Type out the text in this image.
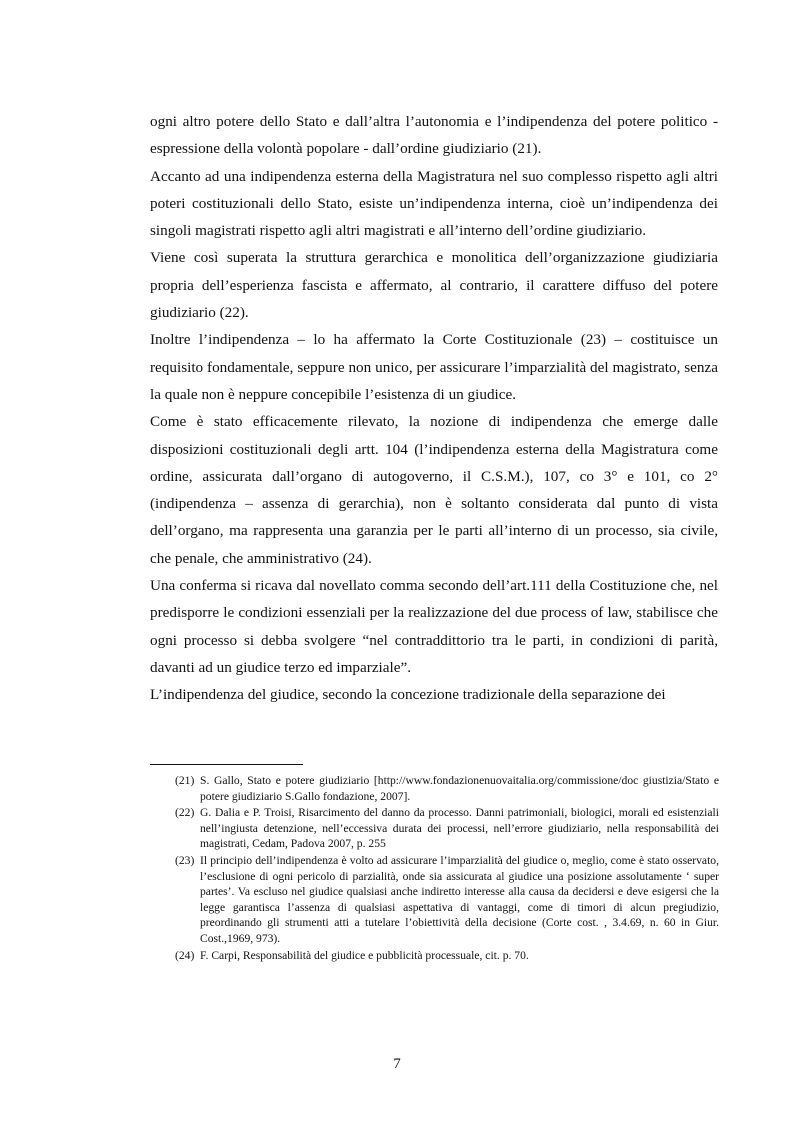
ogni altro potere dello Stato e dall’altra l’autonomia e l’indipendenza del potere politico - espressione della volontà popolare - dall’ordine giudiziario (21).

Accanto ad una indipendenza esterna della Magistratura nel suo complesso rispetto agli altri poteri costituzionali dello Stato, esiste un’indipendenza interna, cioè un’indipendenza dei singoli magistrati rispetto agli altri magistrati e all’interno dell’ordine giudiziario.

Viene così superata la struttura gerarchica e monolitica dell’organizzazione giudiziaria propria dell’esperienza fascista e affermato, al contrario, il carattere diffuso del potere giudiziario (22).

Inoltre l’indipendenza – lo ha affermato la Corte Costituzionale (23) – costituisce un requisito fondamentale, seppure non unico, per assicurare l’imparzialità del magistrato, senza la quale non è neppure concepibile l’esistenza di un giudice.

Come è stato efficacemente rilevato, la nozione di indipendenza che emerge dalle disposizioni costituzionali degli artt. 104 (l’indipendenza esterna della Magistratura come ordine, assicurata dall’organo di autogoverno, il C.S.M.), 107, co 3° e 101, co 2° (indipendenza – assenza di gerarchia), non è soltanto considerata dal punto di vista dell’organo, ma rappresenta una garanzia per le parti all’interno di un processo, sia civile, che penale, che amministrativo (24).

Una conferma si ricava dal novellato comma secondo dell’art.111 della Costituzione che, nel predisporre le condizioni essenziali per la realizzazione del due process of law, stabilisce che ogni processo si debba svolgere “nel contraddittorio tra le parti, in condizioni di parità, davanti ad un giudice terzo ed imparziale”.

L’indipendenza del giudice, secondo la concezione tradizionale della separazione dei

(21) S. Gallo, Stato e potere giudiziario [http://www.fondazionenuovaitalia.org/commissione/doc giustizia/Stato e potere giudiziario S.Gallo fondazione, 2007].

(22) G. Dalia e P. Troisi, Risarcimento del danno da processo. Danni patrimoniali, biologici, morali ed esistenziali nell’ingiusta detenzione, nell’eccessiva durata dei processi, nell’errore giudiziario, nella responsabilità dei magistrati, Cedam, Padova 2007, p. 255

(23) Il principio dell’indipendenza è volto ad assicurare l’imparzialità del giudice o, meglio, come è stato osservato, l’esclusione di ogni pericolo di parzialità, onde sia assicurata al giudice una posizione assolutamente ‘ super partes’. Va escluso nel giudice qualsiasi anche indiretto interesse alla causa da decidersi e deve esigersi che la legge garantisca l’assenza di qualsiasi aspettativa di vantaggi, come di timori di alcun pregiudizio, preordinando gli strumenti atti a tutelare l’obiettività della decisione (Corte cost. , 3.4.69, n. 60 in Giur. Cost.,1969, 973).

(24) F. Carpi, Responsabilità del giudice e pubblicità processuale, cit. p. 70.

7
